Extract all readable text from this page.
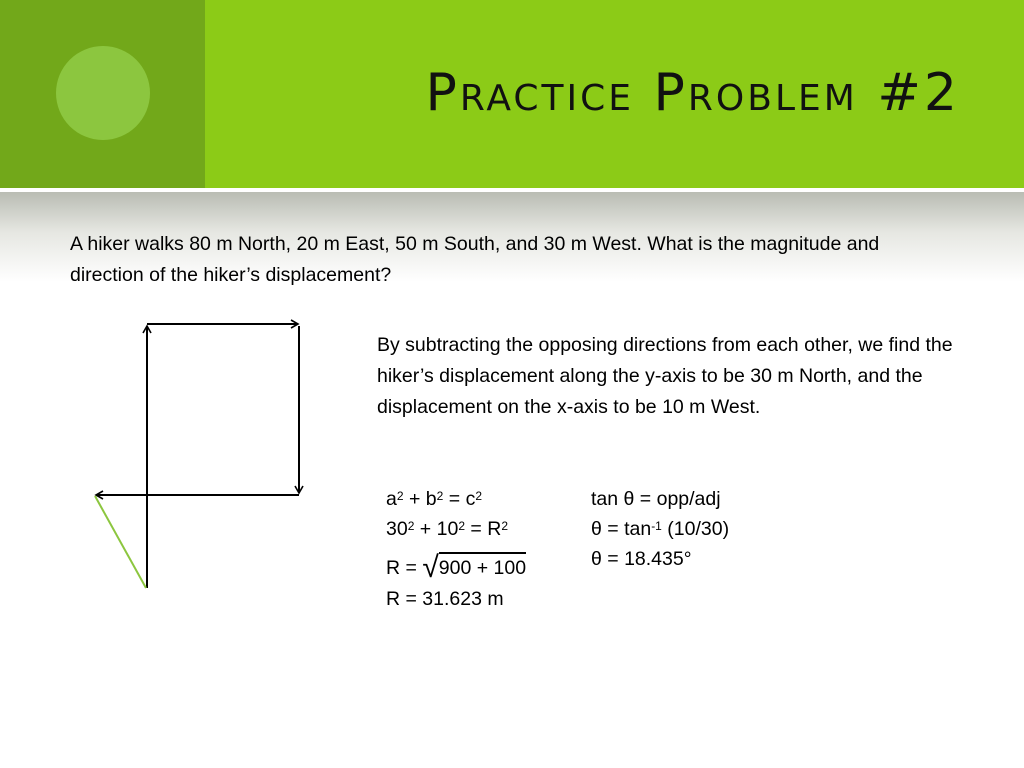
Practice Problem #2
A hiker walks 80 m North, 20 m East, 50 m South, and 30 m West. What is the magnitude and direction of the hiker’s displacement?
By subtracting the opposing directions from each other, we find the hiker’s displacement along the y-axis to be 30 m North, and the displacement on the x-axis to be 10 m West.
$a^2 + b^2 = c^2$
$30^2 + 10^2 = R^2$
R = √900 + 100
R = 31.623 m
tan θ = opp/adj
$\theta = \tan^{-1} (10/30)$
θ = 18.435°
